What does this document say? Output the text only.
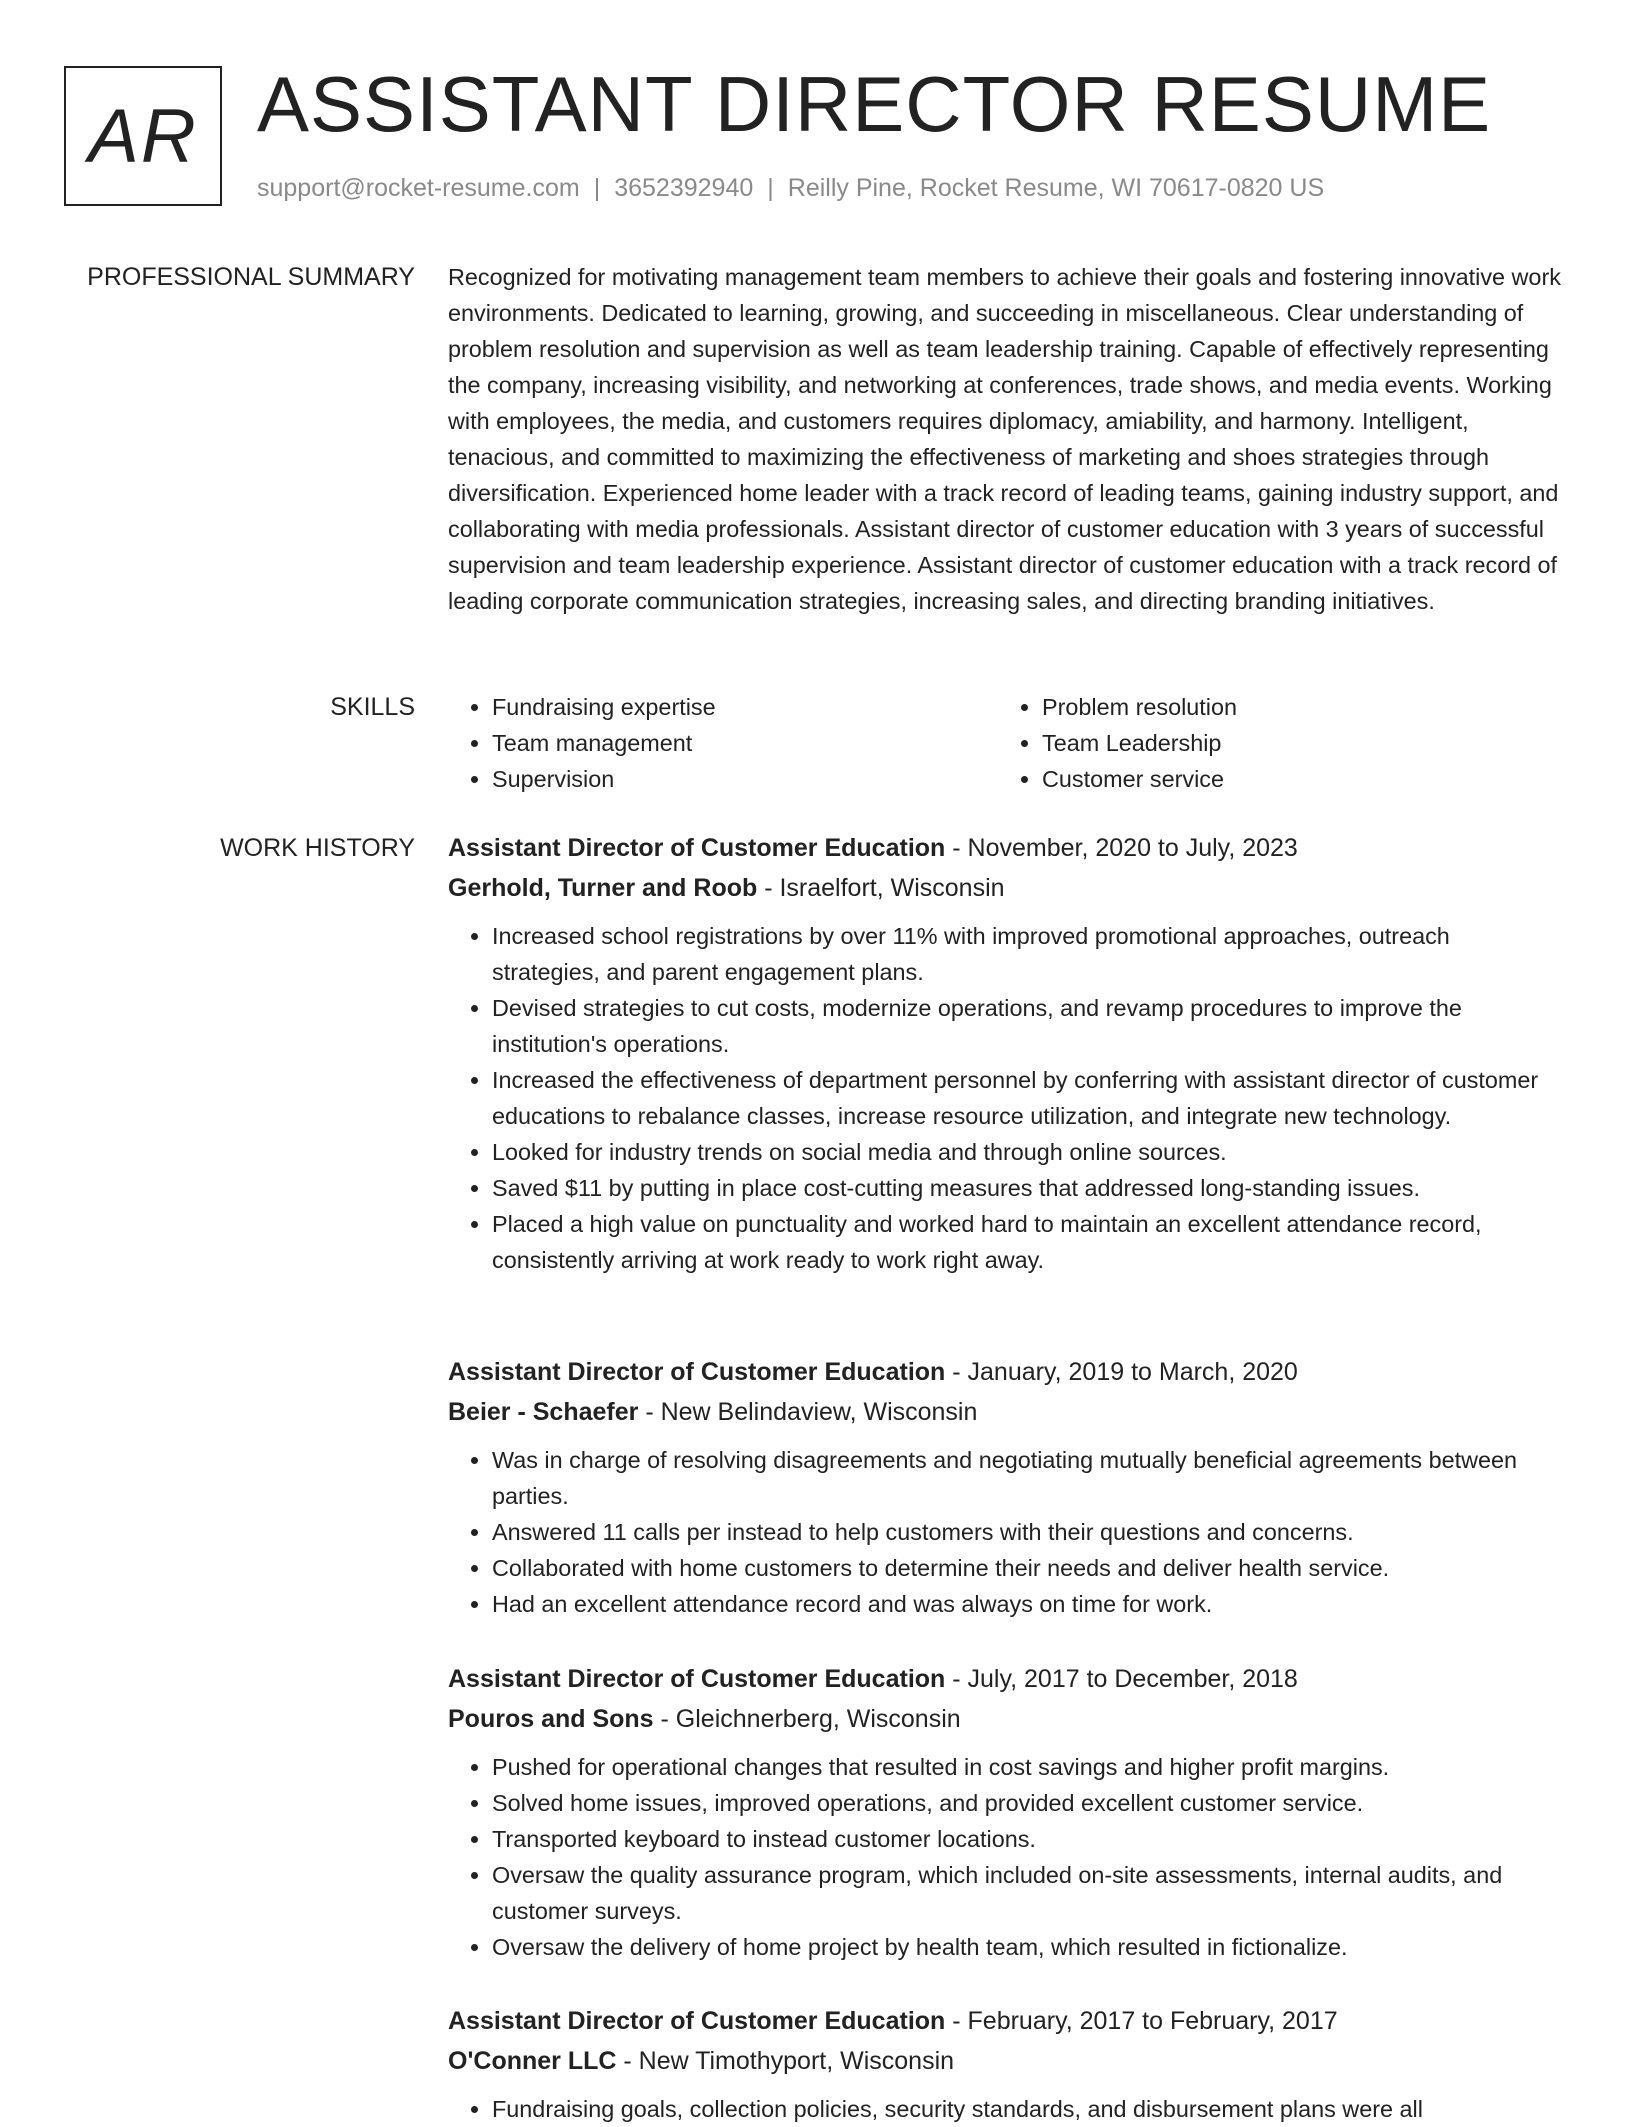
AR ASSISTANT DIRECTOR RESUME
support@rocket-resume.com | 3652392940 | Reilly Pine, Rocket Resume, WI 70617-0820 US
PROFESSIONAL SUMMARY Recognized for motivating management team members to achieve their goals and fostering innovative work environments. Dedicated to learning, growing, and succeeding in miscellaneous. Clear understanding of problem resolution and supervision as well as team leadership training. Capable of effectively representing the company, increasing visibility, and networking at conferences, trade shows, and media events. Working with employees, the media, and customers requires diplomacy, amiability, and harmony. Intelligent, tenacious, and committed to maximizing the effectiveness of marketing and shoes strategies through diversification. Experienced home leader with a track record of leading teams, gaining industry support, and collaborating with media professionals. Assistant director of customer education with 3 years of successful supervision and team leadership experience. Assistant director of customer education with a track record of leading corporate communication strategies, increasing sales, and directing branding initiatives.

SKILLS
•	Fundraising expertise
• Team management
• Supervision
• Problem resolution
• Team Leadership
• Customer service
WORK HISTORY Assistant Director of Customer Education - November, 2020 to July, 2023
Gerhold, Turner and Roob - Israelfort, Wisconsin
• Increased school registrations by over 11% with improved promotional approaches, outreach strategies, and parent engagement plans.
• Devised strategies to cut costs, modernize operations, and revamp procedures to improve the institution's operations.
• Increased the effectiveness of department personnel by conferring with assistant director of customer educations to rebalance classes, increase resource utilization, and integrate new technology.
• Looked for industry trends on social media and through online sources.
• Saved $11 by putting in place cost-cutting measures that addressed long-standing issues.
• Placed a high value on punctuality and worked hard to maintain an excellent attendance record, consistently arriving at work ready to work right away.
Assistant Director of Customer Education - January, 2019 to March, 2020
Beier - Schaefer - New Belindaview, Wisconsin
• Was in charge of resolving disagreements and negotiating mutually beneficial agreements between parties.
• Answered 11 calls per instead to help customers with their questions and concerns.
• Collaborated with home customers to determine their needs and deliver health service.
• Had an excellent attendance record and was always on time for work.
Assistant Director of Customer Education - July, 2017 to December, 2018
Pouros and Sons - Gleichnerberg, Wisconsin
• Pushed for operational changes that resulted in cost savings and higher profit margins.
• Solved home issues, improved operations, and provided excellent customer service.
• Transported keyboard to instead customer locations.
• Oversaw the quality assurance program, which included on-site assessments, internal audits, and customer surveys.
• Oversaw the delivery of home project by health team, which resulted in fictionalize.
Assistant Director of Customer Education - February, 2017 to February, 2017
O'Conner LLC - New Timothyport, Wisconsin
• Fundraising goals, collection policies, security standards, and disbursement plans were all
